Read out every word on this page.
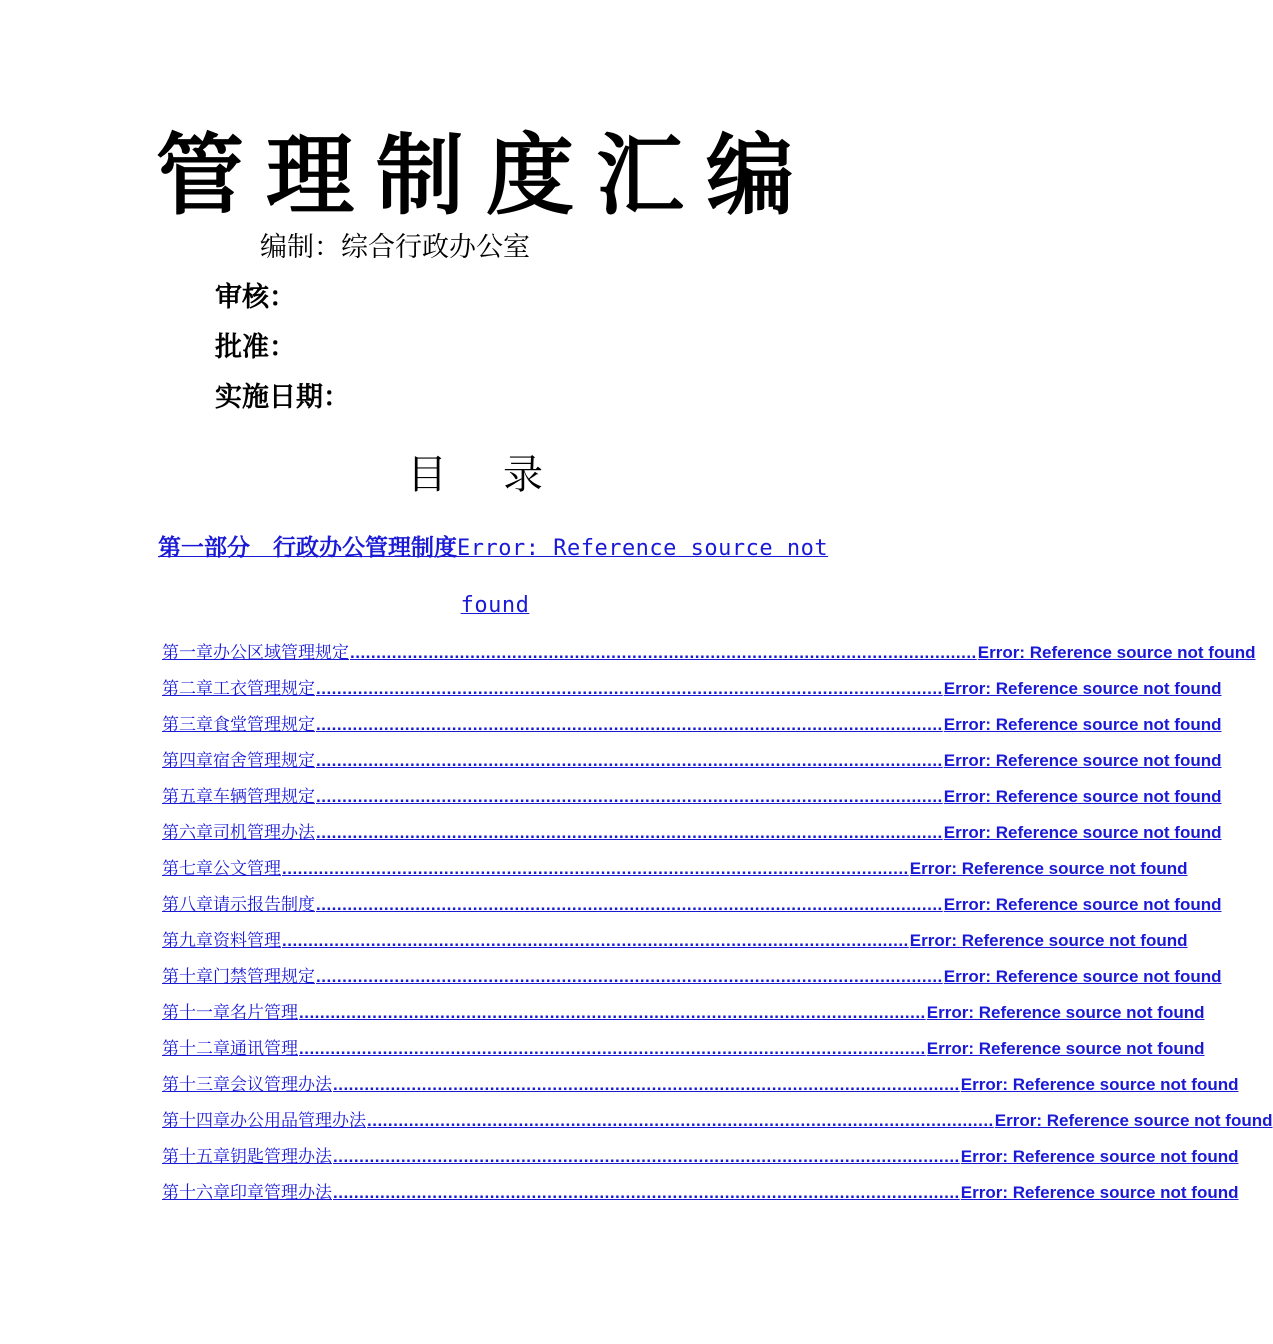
管理制度汇编
编制：综合行政办公室
审核：
批准：
实施日期：
目 录
第一部分　行政办公管理制度Error: Reference source not
found
第一章 办公区域管理规定 ........................................................................................................................ Error: Reference source not found
第二章 工衣管理规定 ........................................................................................................................ Error: Reference source not found
第三章 食堂管理规定 ........................................................................................................................ Error: Reference source not found
第四章 宿舍管理规定 ........................................................................................................................ Error: Reference source not found
第五章 车辆管理规定 ........................................................................................................................ Error: Reference source not found
第六章 司机管理办法 ........................................................................................................................ Error: Reference source not found
第七章 公文管理 ........................................................................................................................ Error: Reference source not found
第八章 请示报告制度 ........................................................................................................................ Error: Reference source not found
第九章 资料管理 ........................................................................................................................ Error: Reference source not found
第十章 门禁管理规定 ........................................................................................................................ Error: Reference source not found
第十一章 名片管理 ........................................................................................................................ Error: Reference source not found
第十二章 通讯管理 ........................................................................................................................ Error: Reference source not found
第十三章 会议管理办法 ........................................................................................................................ Error: Reference source not found
第十四章 办公用品管理办法 ........................................................................................................................ Error: Reference source not found
第十五章 钥匙管理办法 ........................................................................................................................ Error: Reference source not found
第十六章 印章管理办法 ........................................................................................................................ Error: Reference source not found
